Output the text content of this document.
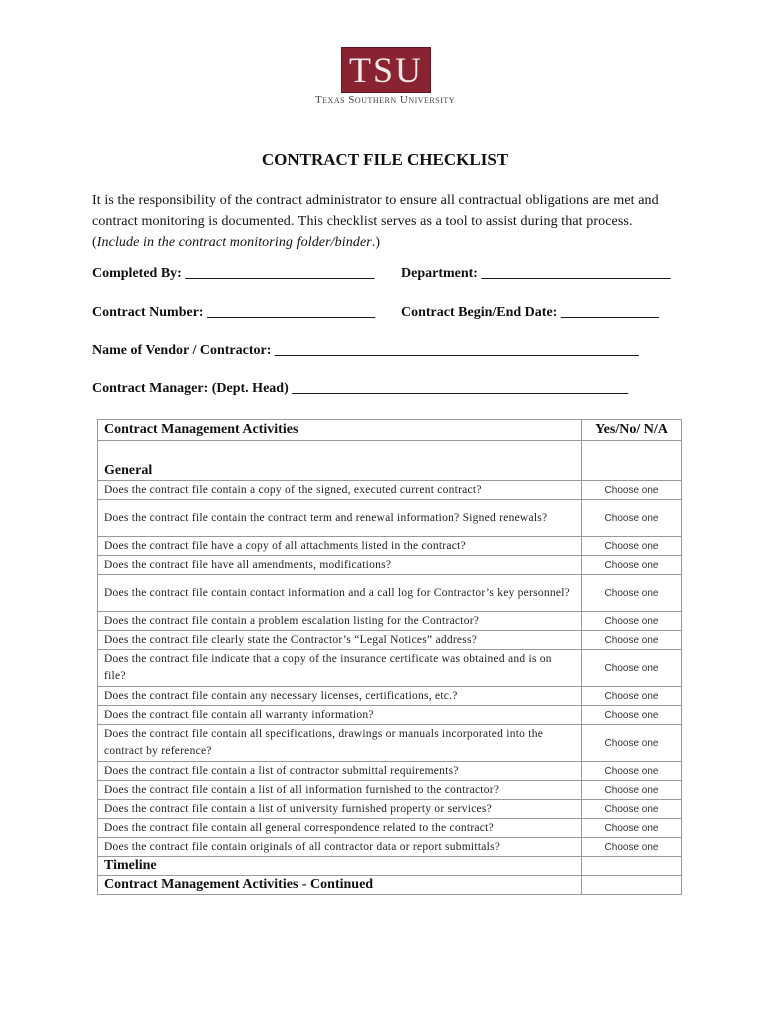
TSU
Texas Southern University
CONTRACT FILE CHECKLIST
It is the responsibility of the contract administrator to ensure all contractual obligations are met and contract monitoring is documented. This checklist serves as a tool to assist during that process. (Include in the contract monitoring folder/binder.)
Completed By: ___________________________ Department: ___________________________
Contract Number: ________________________ Contract Begin/End Date: ______________
Name of Vendor / Contractor: ____________________________________________________
Contract Manager: (Dept. Head) ________________________________________________
Contract Management Activities	Yes/No/ N/A
General	
Does the contract file contain a copy of the signed, executed current contract?	Choose one
Does the contract file contain the contract term and renewal information? Signed renewals?	Choose one
Does the contract file have a copy of all attachments listed in the contract?	Choose one
Does the contract file have all amendments, modifications?	Choose one
Does the contract file contain contact information and a call log for Contractor’s key personnel?	Choose one
Does the contract file contain a problem escalation listing for the Contractor?	Choose one
Does the contract file clearly state the Contractor’s “Legal Notices” address?	Choose one
Does the contract file indicate that a copy of the insurance certificate was obtained and is on file?	Choose one
Does the contract file contain any necessary licenses, certifications, etc.?	Choose one
Does the contract file contain all warranty information?	Choose one
Does the contract file contain all specifications, drawings or manuals incorporated into the contract by reference?	Choose one
Does the contract file contain a list of contractor submittal requirements?	Choose one
Does the contract file contain a list of all information furnished to the contractor?	Choose one
Does the contract file contain a list of university furnished property or services?	Choose one
Does the contract file contain all general correspondence related to the contract?	Choose one
Does the contract file contain originals of all contractor data or report submittals?	Choose one
Timeline	
Contract Management Activities - Continued	
